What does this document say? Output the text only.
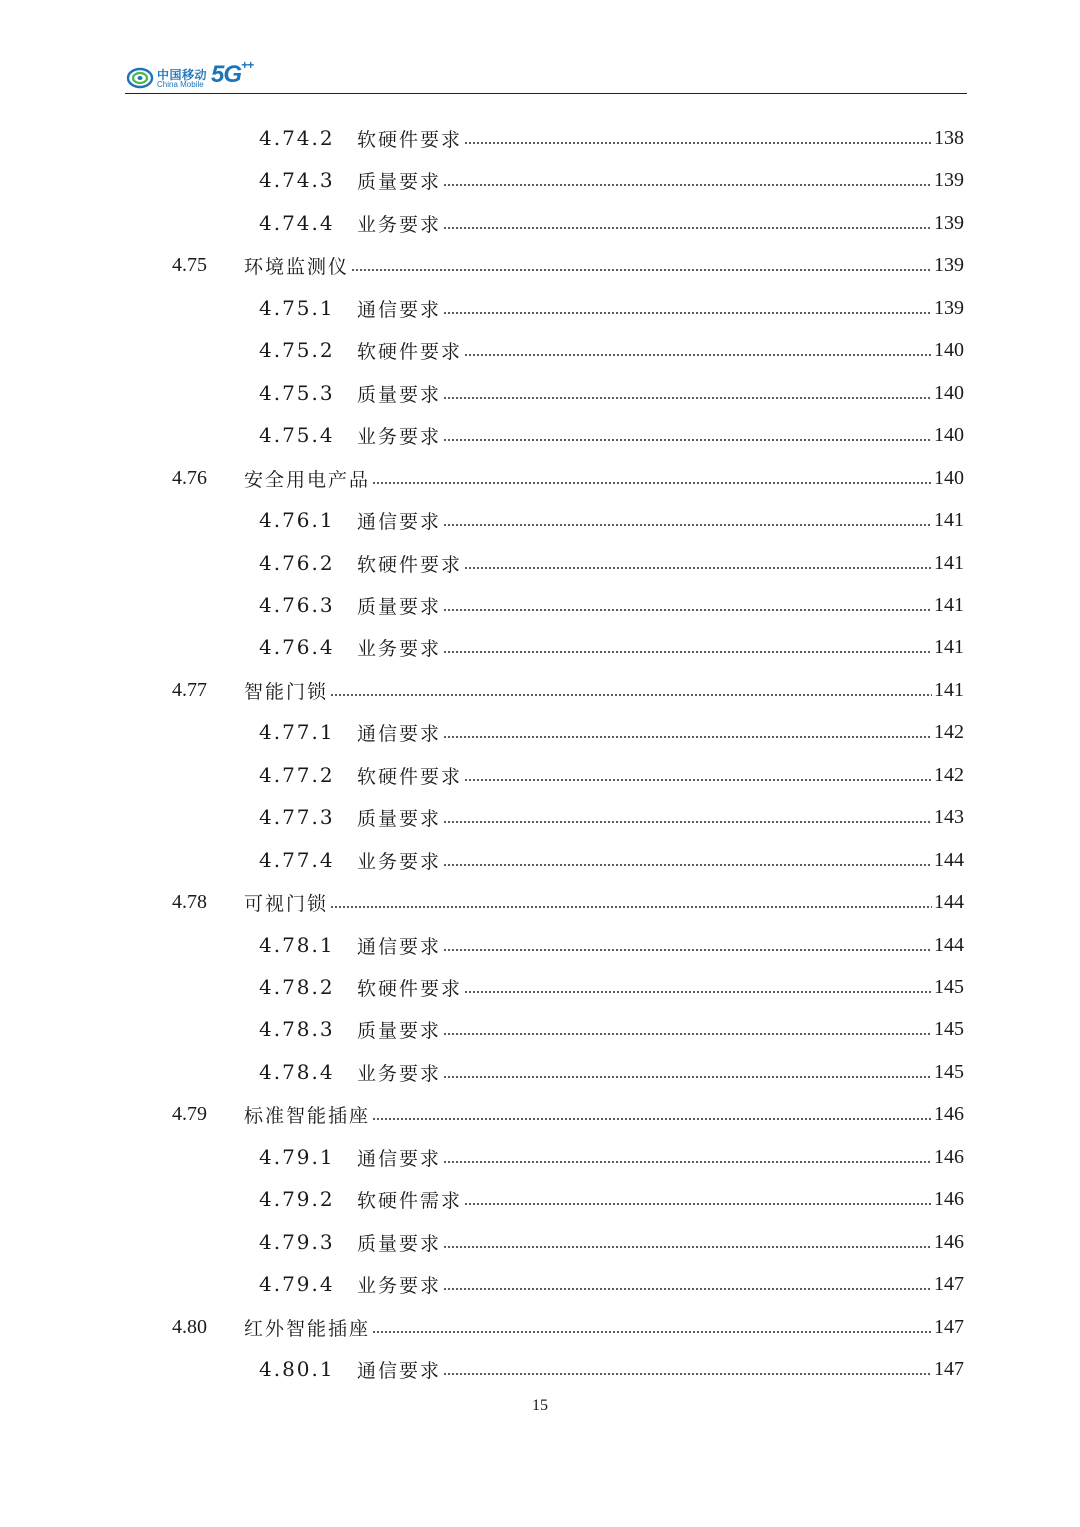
中国移动
China Mobile 5G++
4.74.2	软硬件要求	138
4.74.3	质量要求	139
4.74.4	业务要求	139
4.75	环境监测仪	139
4.75.1	通信要求	139
4.75.2	软硬件要求	140
4.75.3	质量要求	140
4.75.4	业务要求	140
4.76	安全用电产品	140
4.76.1	通信要求	141
4.76.2	软硬件要求	141
4.76.3	质量要求	141
4.76.4	业务要求	141
4.77	智能门锁	141
4.77.1	通信要求	142
4.77.2	软硬件要求	142
4.77.3	质量要求	143
4.77.4	业务要求	144
4.78	可视门锁	144
4.78.1	通信要求	144
4.78.2	软硬件要求	145
4.78.3	质量要求	145
4.78.4	业务要求	145
4.79	标准智能插座	146
4.79.1	通信要求	146
4.79.2	软硬件需求	146
4.79.3	质量要求	146
4.79.4	业务要求	147
4.80	红外智能插座	147
4.80.1	通信要求	147
15
